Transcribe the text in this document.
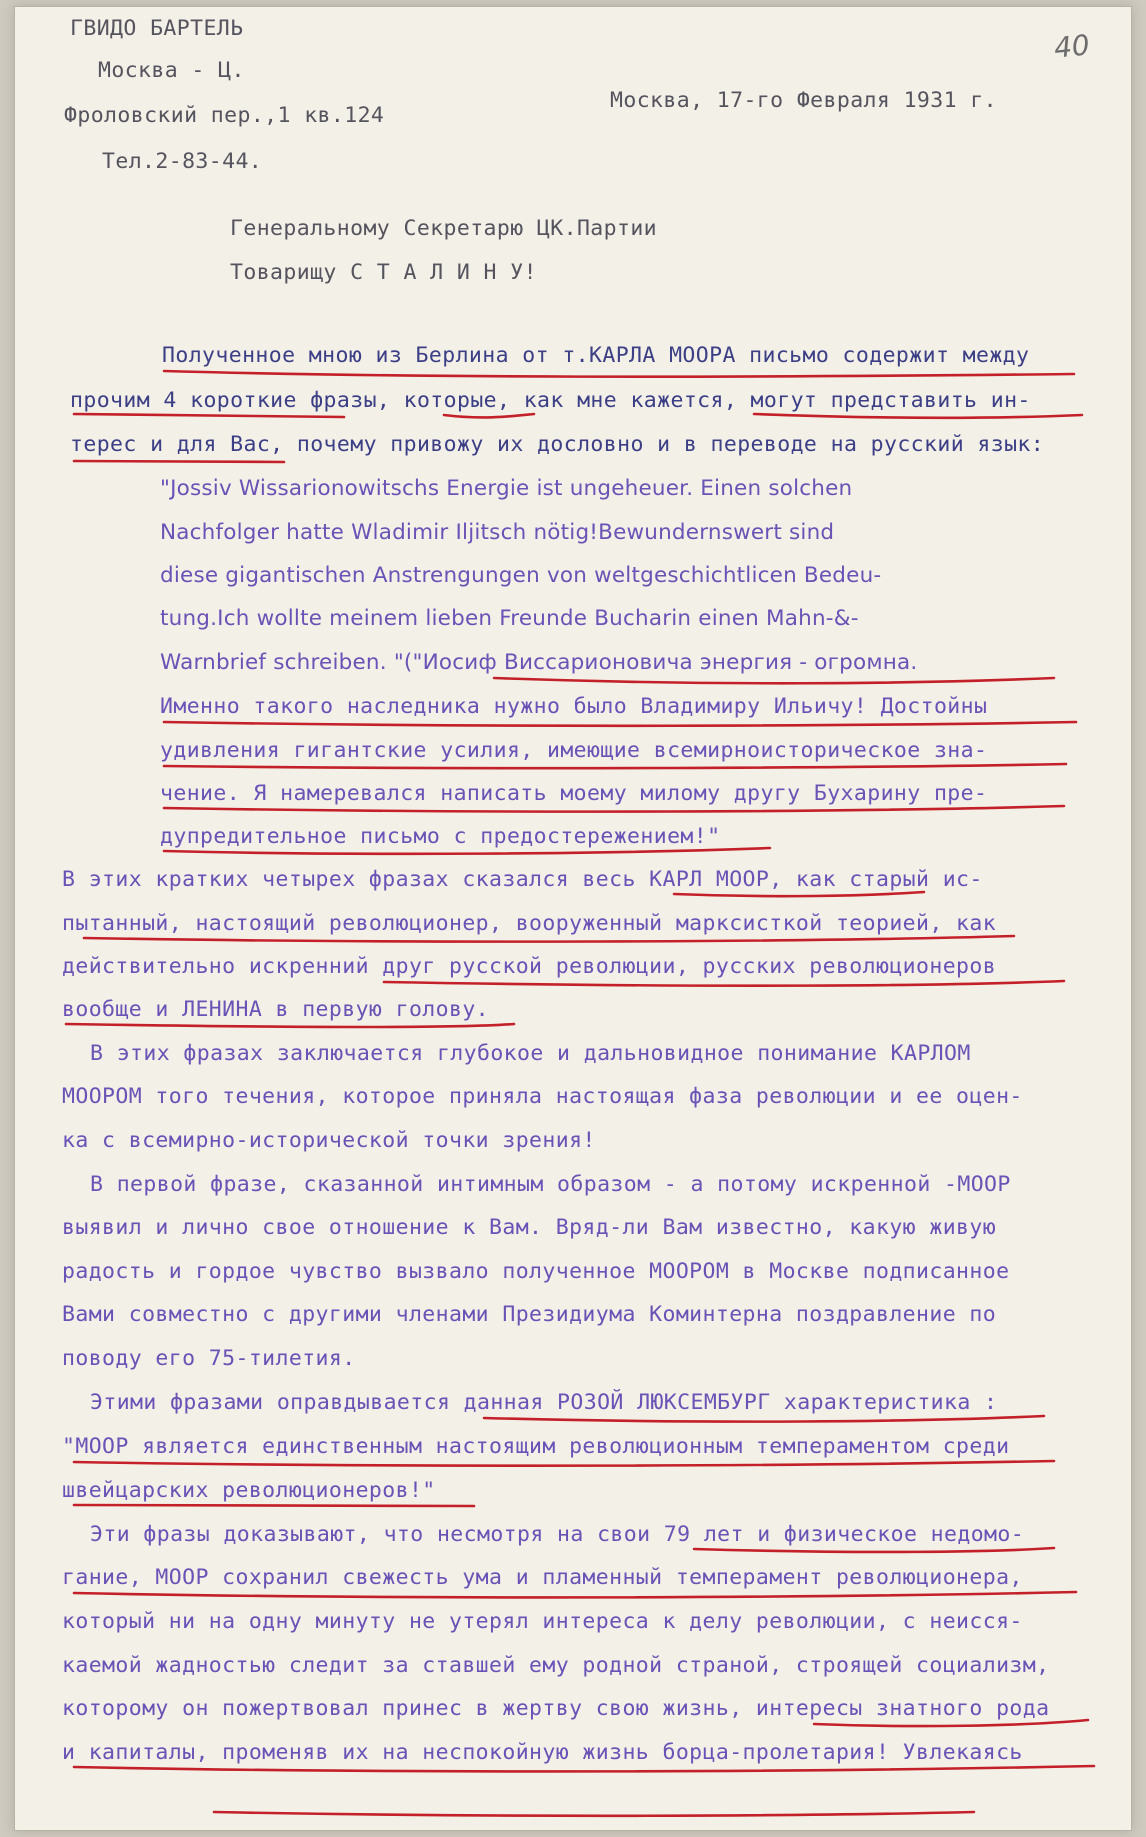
40
ГВИДО БАРТЕЛЬ
Москва - Ц.
Фроловский пер.,1 кв.124
Тел.2-83-44.
Москва, 17-го Февраля 1931 г.
Генеральному Секретарю ЦК.Партии
Товарищу С Т А Л И Н У!
Полученное мною из Берлина от т.КАРЛА МООРА письмо содержит между
прочим 4 короткие фразы, которые, как мне кажется, могут представить ин-
терес и для Вас, почему привожу их дословно и в переводе на русский язык:
"Jossiv Wissarionowitschs Energie ist ungeheuer. Einen solchen
Nachfolger hatte Wladimir Iljitsch nötig!Bewundernswert sind
diese gigantischen Anstrengungen von weltgeschichtlicen Bedeu-
tung.Ich wollte meinem lieben Freunde Bucharin einen Mahn-&-
Warnbrief schreiben. "("Иосиф Виссарионовича энергия - огромна.
Именно такого наследника нужно было Владимиру Ильичу! Достойны
удивления гигантские усилия, имеющие всемирноисторическое зна-
чение. Я намеревался написать моему милому другу Бухарину пре-
дупредительное письмо с предостережением!"
В этих кратких четырех фразах сказался весь КАРЛ МООР, как старый ис-
пытанный, настоящий революционер, вооруженный марксисткой теорией, как
действительно искренний друг русской революции, русских революционеров
вообще и ЛЕНИНА в первую голову.
В этих фразах заключается глубокое и дальновидное понимание КАРЛОМ
МООРОМ того течения, которое приняла настоящая фаза революции и ее оцен-
ка с всемирно-исторической точки зрения!
В первой фразе, сказанной интимным образом - а потому искренной -МООР
выявил и лично свое отношение к Вам. Вряд-ли Вам известно, какую живую
радость и гордое чувство вызвало полученное МООРОМ в Москве подписанное
Вами совместно с другими членами Президиума Коминтерна поздравление по
поводу его 75-тилетия.
Этими фразами оправдывается данная РОЗОЙ ЛЮКСЕМБУРГ характеристика :
"МООР является единственным настоящим революционным темпераментом среди
швейцарских революционеров!"
Эти фразы доказывают, что несмотря на свои 79 лет и физическое недомо-
гание, МООР сохранил свежесть ума и пламенный темперамент революционера,
который ни на одну минуту не утерял интереса к делу революции, с неисся-
каемой жадностью следит за ставшей ему родной страной, строящей социализм,
которому он пожертвовал принес в жертву свою жизнь, интересы знатного рода
и капиталы, променяв их на неспокойную жизнь борца-пролетария! Увлекаясь
